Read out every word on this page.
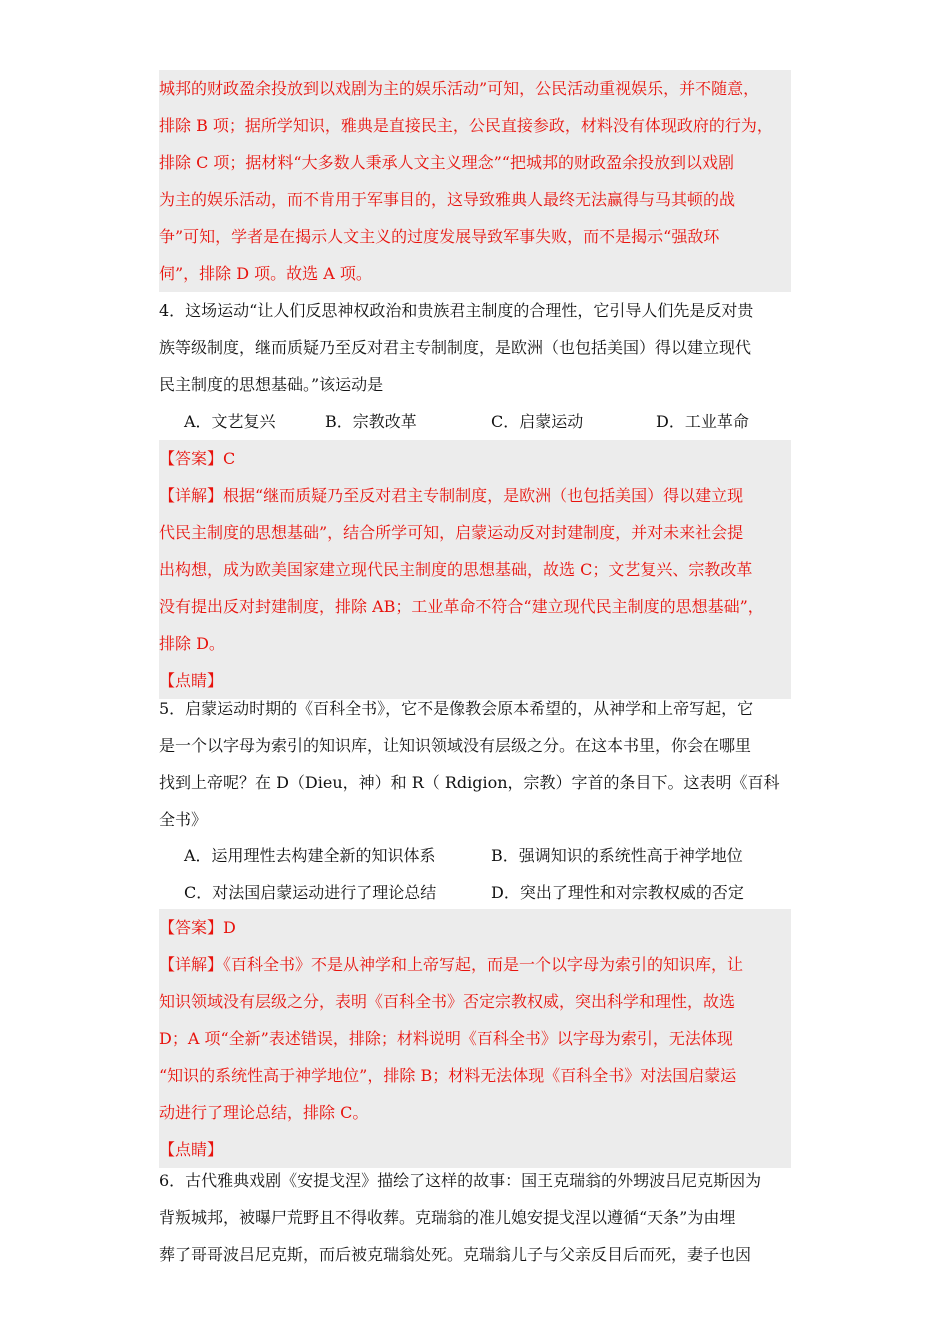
城邦的财政盈余投放到以戏剧为主的娱乐活动”可知，公民活动重视娱乐，并不随意，
排除 B 项；据所学知识，雅典是直接民主，公民直接参政，材料没有体现政府的行为，
排除 C 项；据材料“大多数人秉承人文主义理念”“把城邦的财政盈余投放到以戏剧
为主的娱乐活动，而不肯用于军事目的，这导致雅典人最终无法赢得与马其顿的战
争”可知，学者是在揭示人文主义的过度发展导致军事失败，而不是揭示“强敌环
伺”，排除 D 项。故选 A 项。
4．这场运动“让人们反思神权政治和贵族君主制度的合理性，它引导人们先是反对贵
族等级制度，继而质疑乃至反对君主专制制度，是欧洲（也包括美国）得以建立现代
民主制度的思想基础。”该运动是
A．文艺复兴	B．宗教改革	C．启蒙运动	D．工业革命
【答案】C
【详解】根据“继而质疑乃至反对君主专制制度，是欧洲（也包括美国）得以建立现
代民主制度的思想基础”，结合所学可知，启蒙运动反对封建制度，并对未来社会提
出构想，成为欧美国家建立现代民主制度的思想基础，故选 C；文艺复兴、宗教改革
没有提出反对封建制度，排除 AB；工业革命不符合“建立现代民主制度的思想基础”，
排除 D。
【点睛】
5．启蒙运动时期的《百科全书》，它不是像教会原本希望的，从神学和上帝写起，它
是一个以字母为索引的知识库，让知识领域没有层级之分。在这本书里，你会在哪里
找到上帝呢？在 D（Dieu，神）和 R（ Rdigion，宗教）字首的条目下。这表明《百科
全书》
A．运用理性去构建全新的知识体系	B．强调知识的系统性高于神学地位
C．对法国启蒙运动进行了理论总结	D．突出了理性和对宗教权威的否定
【答案】D
【详解】《百科全书》不是从神学和上帝写起，而是一个以字母为索引的知识库，让
知识领域没有层级之分，表明《百科全书》否定宗教权威，突出科学和理性，故选
D；A 项“全新”表述错误，排除；材料说明《百科全书》以字母为索引，无法体现
“知识的系统性高于神学地位”，排除 B；材料无法体现《百科全书》对法国启蒙运
动进行了理论总结，排除 C。
【点睛】
6．古代雅典戏剧《安提戈涅》描绘了这样的故事：国王克瑞翁的外甥波吕尼克斯因为
背叛城邦，被曝尸荒野且不得收葬。克瑞翁的准儿媳安提戈涅以遵循“天条”为由埋
葬了哥哥波吕尼克斯，而后被克瑞翁处死。克瑞翁儿子与父亲反目后而死，妻子也因
